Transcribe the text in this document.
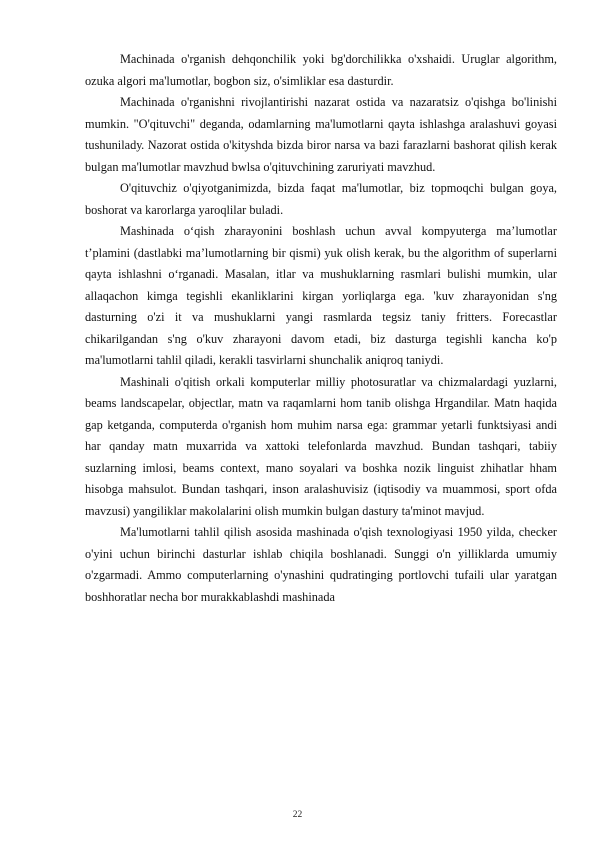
Machinada o'rganish dehqonchilik yoki bg'dorchilikka o'xshaidi. Uruglar algorithm, ozuka algori ma'lumotlar, bogbon siz, o'simliklar esa dasturdir.

Machinada o'rganishni rivojlantirishi nazarat ostida va nazaratsiz o'qishga bo'linishi mumkin. "O'qituvchi" deganda, odamlarning ma'lumotlarni qayta ishlashga aralashuvi goyasi tushuniladу. Nazorat ostida o'kityshda bizda biror narsa va bazi farazlarni bashorat qilish kerak bulgan ma'lumotlar mavzhud bwlsa o'qituvchining zaruriyati mavzhud.

O'qituvchiz o'qiyotganimizda, bizda faqat ma'lumotlar, biz topmoqchi bulgan goya, boshorat va karorlarga yaroqlilar buladi.

Mashinada o‘qish zharayonini boshlash uchun avval kompyuterga maʼlumotlar tʼplamini (dastlabki maʼlumotlarning bir qismi) yuk olish kerak, bu the algorithm of superlarni qayta ishlashni o‘rganadi. Masalan, itlar va mushuklarning rasmlari bulishi mumkin, ular allaqachon kimga tegishli ekanliklarini kirgan yorliqlarga ega. 'kuv zharayonidan s'ng dasturning o'zi it va mushuklarni yangi rasmlarda tegsiz taniy fritters. Forecastlar chikarilgandan s'ng o'kuv zharayoni davom etadi, biz dasturga tegishli kancha ko'p ma'lumotlarni tahlil qiladi, kerakli tasvirlarni shunchalik aniqroq taniydi.

Mashinali o'qitish orkali komputerlar milliy photosuratlar va chizmalardagi yuzlarni, beams landscapelar, objectlar, matn va raqamlarni hom tanib olishga Hrgandilar. Matn haqida gap ketganda, computerda o'rganish hom muhim narsa ega: grammar yetarli funktsiyasi andi har qanday matn muxarrida va xattoki telefonlarda mavzhud. Bundan tashqari, tabiiy suzlarning imlosi, beams context, mano soyalari va boshka nozik linguist zhihatlar hham hisobga mahsulot. Bundan tashqari, inson aralashuvisiz (iqtisodiy va muammosi, sport ofda mavzusi) yangiliklar makolalarini olish mumkin bulgan dastury ta'minot mavjud.

Ma'lumotlarni tahlil qilish asosida mashinada o'qish texnologiyasi 1950 yilda, checker o'yini uchun birinchi dasturlar ishlab chiqila boshlanadi. Sunggi o'n yilliklarda umumiy o'zgarmadi. Ammo computerlarning o'ynashini qudratinging portlovchi tufaili ular yaratgan boshhoratlar necha bor murakkablashdi mashinada

22
